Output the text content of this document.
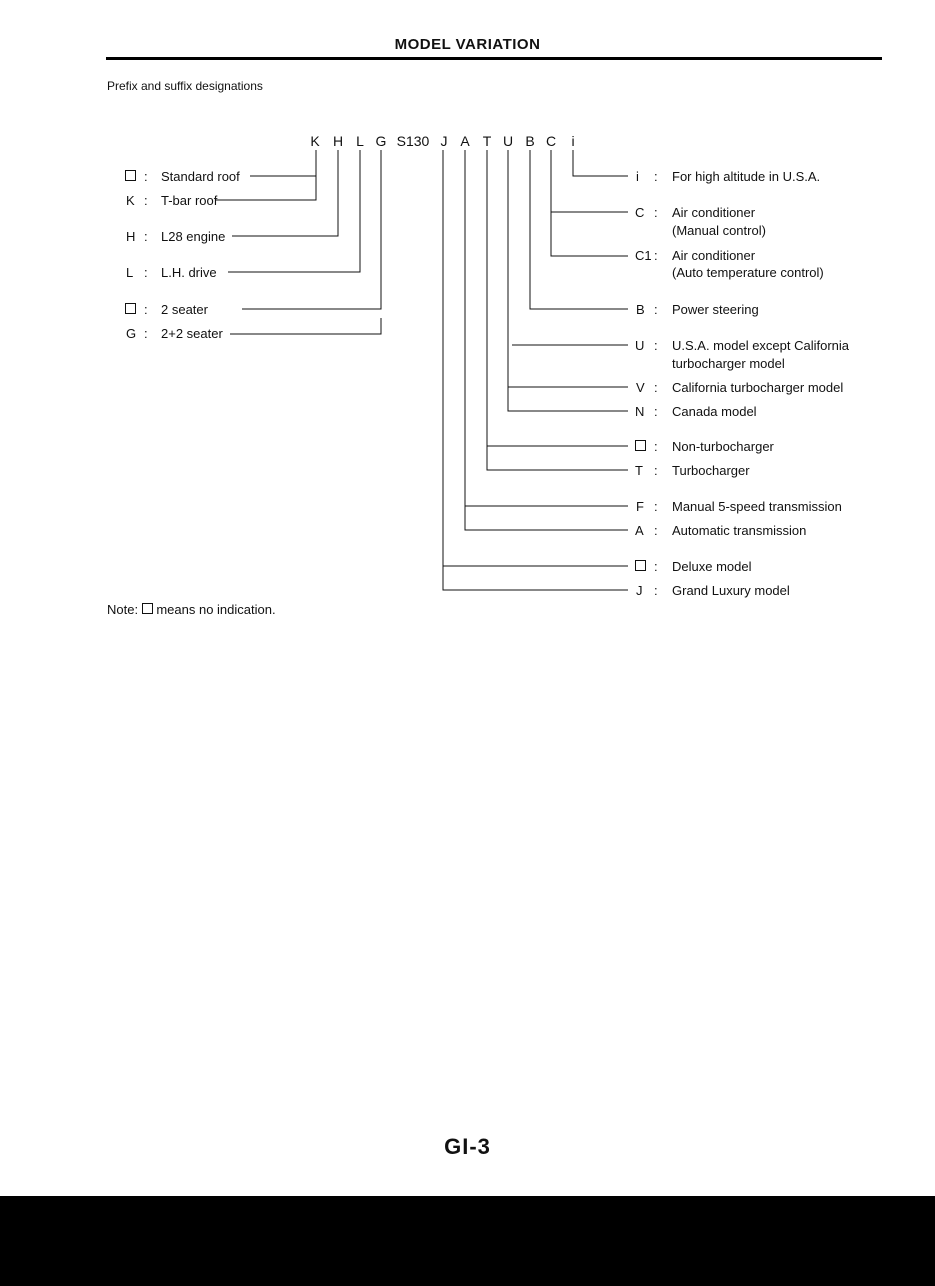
MODEL VARIATION
Prefix and suffix designations
K H L G S130 J A T U B C i
: Standard roof
K : T-bar roof
H : L28 engine
L : L.H. drive
: 2 seater
G : 2+2 seater
i : For high altitude in U.S.A.
C : Air conditioner
(Manual control)
C1 : Air conditioner
(Auto temperature control)
B : Power steering
U : U.S.A. model except California
turbocharger model
V : California turbocharger model
N : Canada model
: Non-turbocharger
T : Turbocharger
F : Manual 5-speed transmission
A : Automatic transmission
: Deluxe model
J : Grand Luxury model
Note: means no indication.
GI-3
